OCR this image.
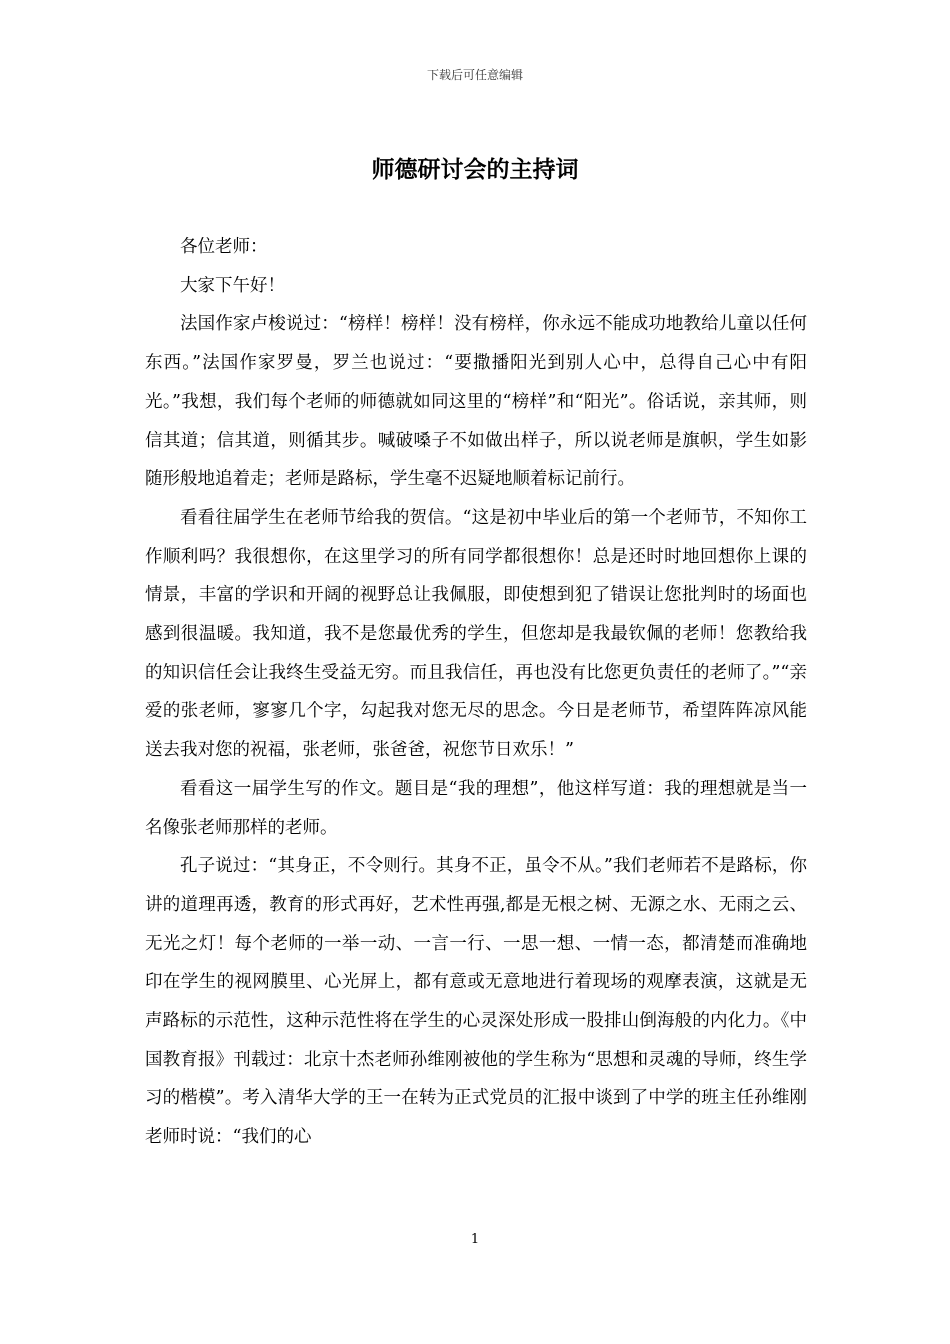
下载后可任意编辑
师德研讨会的主持词

各位老师：

大家下午好！

法国作家卢梭说过：“榜样！榜样！没有榜样，你永远不能成功地教给儿童以任何东西。”法国作家罗曼，罗兰也说过：“要撒播阳光到别人心中，总得自己心中有阳光。”我想，我们每个老师的师德就如同这里的“榜样”和“阳光”。俗话说，亲其师，则信其道；信其道，则循其步。喊破嗓子不如做出样子，所以说老师是旗帜，学生如影随形般地追着走；老师是路标，学生毫不迟疑地顺着标记前行。

看看往届学生在老师节给我的贺信。“这是初中毕业后的第一个老师节，不知你工作顺利吗？我很想你，在这里学习的所有同学都很想你！总是还时时地回想你上课的情景，丰富的学识和开阔的视野总让我佩服，即使想到犯了错误让您批判时的场面也感到很温暖。我知道，我不是您最优秀的学生，但您却是我最钦佩的老师！您教给我的知识信任会让我终生受益无穷。而且我信任，再也没有比您更负责任的老师了。”“亲爱的张老师，寥寥几个字，勾起我对您无尽的思念。今日是老师节，希望阵阵凉风能送去我对您的祝福，张老师，张爸爸，祝您节日欢乐！”

看看这一届学生写的作文。题目是“我的理想”，他这样写道：我的理想就是当一名像张老师那样的老师。

孔子说过：“其身正，不令则行。其身不正，虽令不从。”我们老师若不是路标，你讲的道理再透，教育的形式再好，艺术性再强,都是无根之树、无源之水、无雨之云、无光之灯！每个老师的一举一动、一言一行、一思一想、一情一态，都清楚而准确地印在学生的视网膜里、心光屏上，都有意或无意地进行着现场的观摩表演，这就是无声路标的示范性，这种示范性将在学生的心灵深处形成一股排山倒海般的内化力。《中国教育报》刊载过：北京十杰老师孙维刚被他的学生称为“思想和灵魂的导师，终生学习的楷模”。考入清华大学的王一在转为正式党员的汇报中谈到了中学的班主任孙维刚老师时说：“我们的心

1
